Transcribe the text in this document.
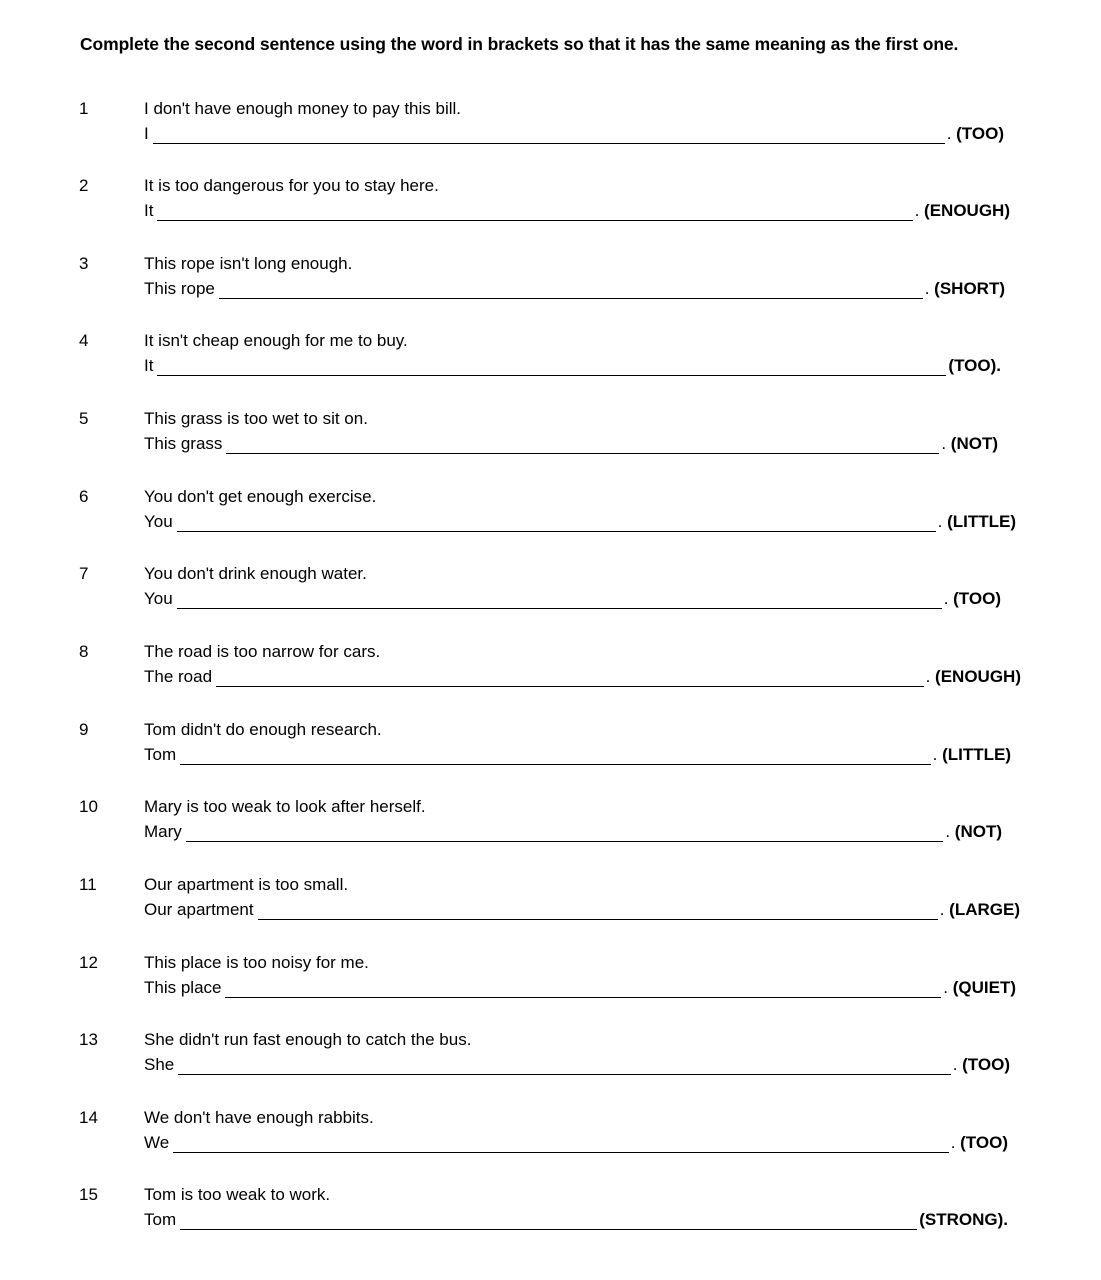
Complete the second sentence using the word in brackets so that it has the same meaning as the first one.
1	I don't have enough money to pay this bill.
I	. (TOO)
2	It is too dangerous for you to stay here.
It	. (ENOUGH)
3	This rope isn't long enough.
This rope	. (SHORT)
4	It isn't cheap enough for me to buy.
It	(TOO).
5	This grass is too wet to sit on.
This grass	. (NOT)
6	You don't get enough exercise.
You	. (LITTLE)
7	You don't drink enough water.
You	. (TOO)
8	The road is too narrow for cars.
The road	. (ENOUGH)
9	Tom didn't do enough research.
Tom	. (LITTLE)
10	Mary is too weak to look after herself.
Mary	. (NOT)
11	Our apartment is too small.
Our apartment	. (LARGE)
12	This place is too noisy for me.
This place	. (QUIET)
13	She didn't run fast enough to catch the bus.
She	. (TOO)
14	We don't have enough rabbits.
We	. (TOO)
15	Tom is too weak to work.
Tom	(STRONG).
